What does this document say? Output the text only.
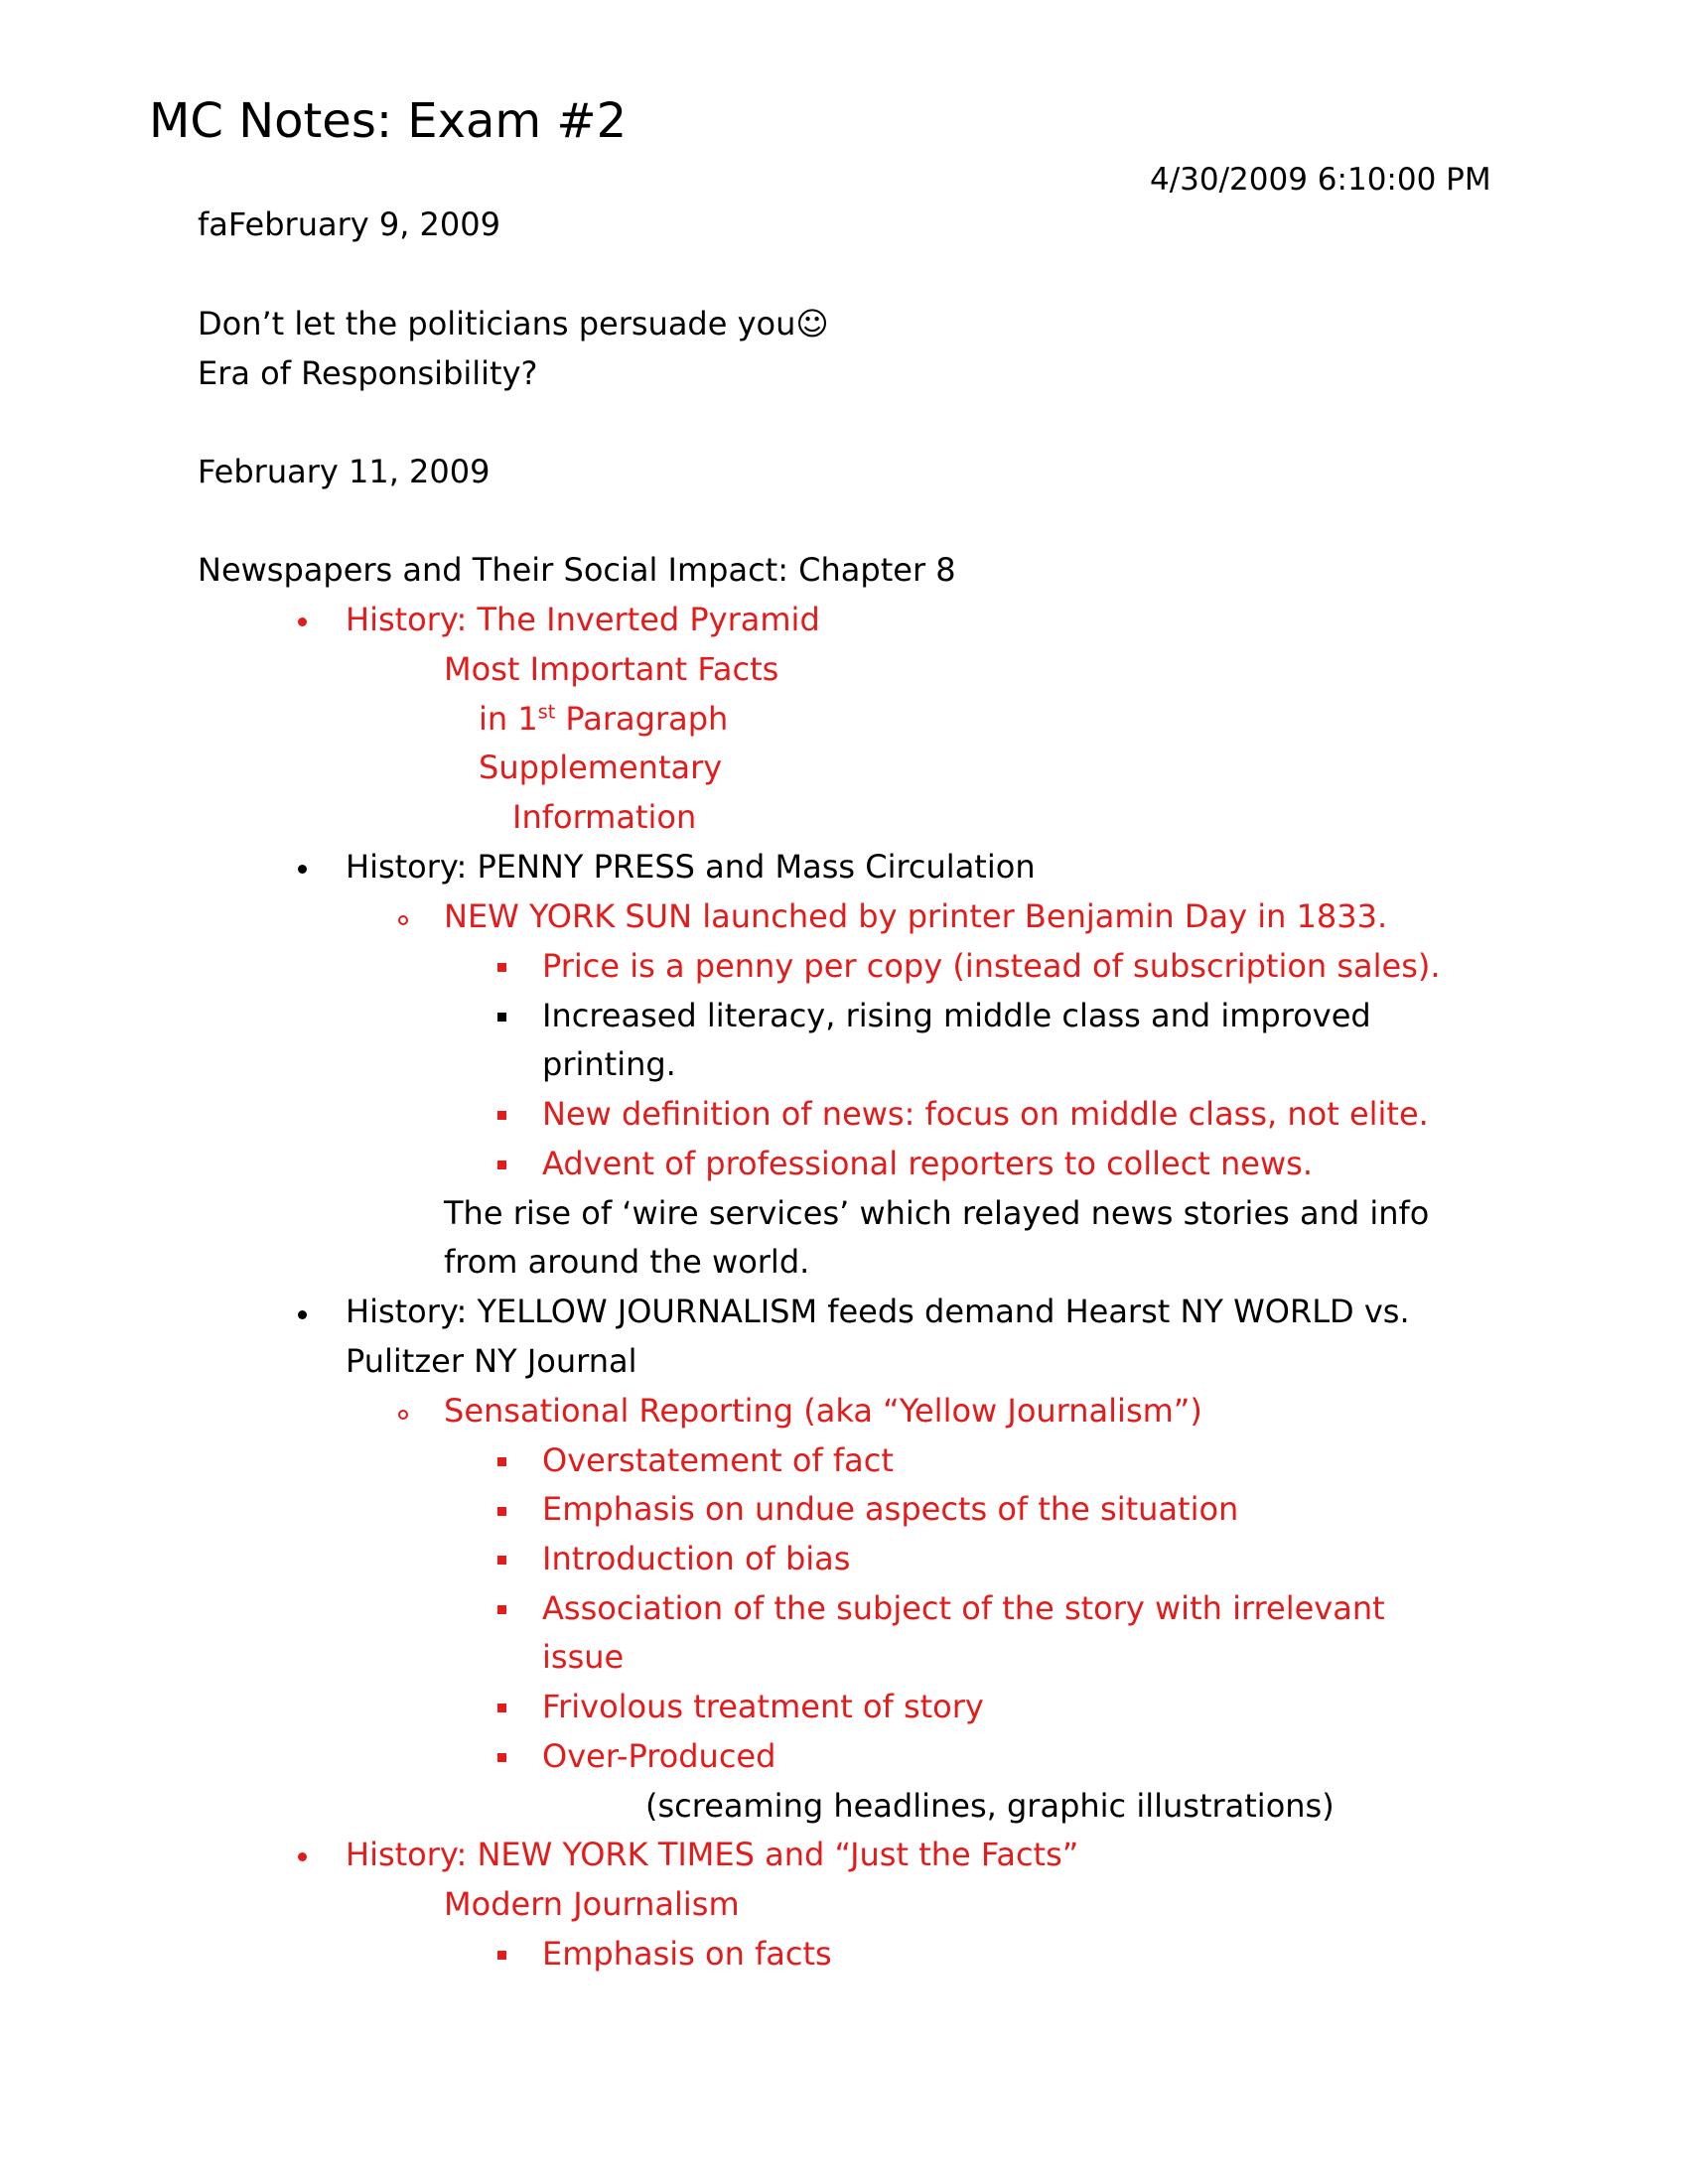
MC Notes: Exam #2
4/30/2009 6:10:00 PM
faFebruary 9, 2009
Don’t let the politicians persuade you☺
Era of Responsibility?
February 11, 2009
Newspapers and Their Social Impact: Chapter 8
History: The Inverted Pyramid
Most Important Facts
in 1st Paragraph
Supplementary
Information
History: PENNY PRESS and Mass Circulation
NEW YORK SUN launched by printer Benjamin Day in 1833.
Price is a penny per copy (instead of subscription sales).
Increased literacy, rising middle class and improved
printing.
New definition of news: focus on middle class, not elite.
Advent of professional reporters to collect news.
The rise of ‘wire services’ which relayed news stories and info
from around the world.
History: YELLOW JOURNALISM feeds demand Hearst NY WORLD vs.
Pulitzer NY Journal
Sensational Reporting (aka “Yellow Journalism”)
Overstatement of fact
Emphasis on undue aspects of the situation
Introduction of bias
Association of the subject of the story with irrelevant
issue
Frivolous treatment of story
Over-Produced
(screaming headlines, graphic illustrations)
History: NEW YORK TIMES and “Just the Facts”
Modern Journalism
Emphasis on facts
